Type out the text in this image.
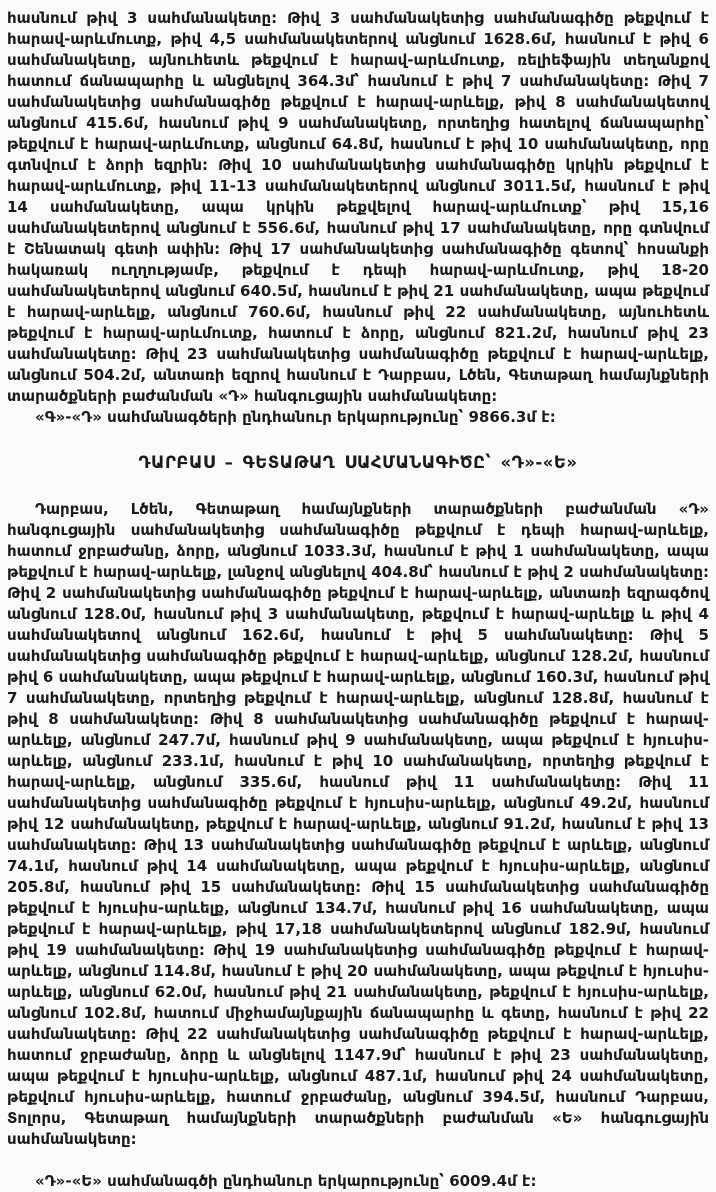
հասնում թիվ 3 սահմանակետը: Թիվ 3 սահմանակետից սահմանագիծը թեքվում է հարավ-արևմուտք, թիվ 4,5 սահմանակետերով անցնում 1628.6մ, հասնում է թիվ 6 սահմանակետը, այնուհետև թեքվում է հարավ-արևմուտք, ռելիեֆային տեղանքով հատում ճանապարհը և անցնելով 364.3մ՝ հասնում է թիվ 7 սահմանակետը: Թիվ 7 սահմանակետից սահմանագիծը թեքվում է հարավ-արևելք, թիվ 8 սահմանակետով անցնում 415.6մ, հասնում թիվ 9 սահմանակետը, որտեղից հատելով ճանապարհը՝ թեքվում է հարավ-արևմուտք, անցնում 64.8մ, հասնում է թիվ 10 սահմանակետը, որը գտնվում է ձորի եզրին: Թիվ 10 սահմանակետից սահմանագիծը կրկին թեքվում է հարավ-արևմուտք, թիվ 11-13 սահմանակետերով անցնում 3011.5մ, հասնում է թիվ 14 սահմանակետը, ապա կրկին թեքվելով հարավ-արևմուտք՝ թիվ 15,16 սահմանակետերով անցնում է 556.6մ, հասնում թիվ 17 սահմանակետը, որը գտնվում է Շենատակ գետի ափին: Թիվ 17 սահմանակետից սահմանագիծը գետով՝ հոսանքի հակառակ ուղղությամբ, թեքվում է դեպի հարավ-արևմուտք, թիվ 18-20 սահմանակետերով անցնում 640.5մ, հասնում է թիվ 21 սահմանակետը, ապա թեքվում է հարավ-արևելք, անցնում 760.6մ, հասնում թիվ 22 սահմանակետը, այնուհետև թեքվում է հարավ-արևմուտք, հատում է ձորը, անցնում 821.2մ, հասնում թիվ 23 սահմանակետը: Թիվ 23 սահմանակետից սահմանագիծը թեքվում է հարավ-արևելք, անցնում 504.2մ, անտառի եզրով հասնում է Դարբաս, Լծեն, Գետաթաղ համայնքների տարածքների բաժանման «Դ» հանգուցային սահմանակետը:

«Գ»-«Դ» սահմանագծերի ընդհանուր երկարությունը՝ 9866.3մ է:

ԴԱՐԲԱՍ – ԳԵՏԱԹԱՂ ՍԱՀՄԱՆԱԳԻԾԸ՝ «Դ»-«Ե»

Դարբաս, Լծեն, Գետաթաղ համայնքների տարածքների բաժանման «Դ» հանգուցային սահմանակետից սահմանագիծը թեքվում է դեպի հարավ-արևելք, հատում ջրբաժանը, ձորը, անցնում 1033.3մ, հասնում է թիվ 1 սահմանակետը, ապա թեքվում է հարավ-արևելք, լանջով անցնելով 404.8մ՝ հասնում է թիվ 2 սահմանակետը: Թիվ 2 սահմանակետից սահմանագիծը թեքվում է հարավ-արևելք, անտառի եզրագծով անցնում 128.0մ, հասնում թիվ 3 սահմանակետը, թեքվում է հարավ-արևելք և թիվ 4 սահմանակետով անցնում 162.6մ, հասնում է թիվ 5 սահմանակետը: Թիվ 5 սահմանակետից սահմանագիծը թեքվում է հարավ-արևելք, անցնում 128.2մ, հասնում թիվ 6 սահմանակետը, ապա թեքվում է հարավ-արևելք, անցնում 160.3մ, հասնում թիվ 7 սահմանակետը, որտեղից թեքվում է հարավ-արևելք, անցնում 128.8մ, հասնում է թիվ 8 սահմանակետը: Թիվ 8 սահմանակետից սահմանագիծը թեքվում է հարավ-արևելք, անցնում 247.7մ, հասնում թիվ 9 սահմանակետը, ապա թեքվում է հյուսիս-արևելք, անցնում 233.1մ, հասնում է թիվ 10 սահմանակետը, որտեղից թեքվում է հարավ-արևելք, անցնում 335.6մ, հասնում թիվ 11 սահմանակետը: Թիվ 11 սահմանակետից սահմանագիծը թեքվում է հյուսիս-արևելք, անցնում 49.2մ, հասնում թիվ 12 սահմանակետը, թեքվում է հարավ-արևելք, անցնում 91.2մ, հասնում է թիվ 13 սահմանակետը: Թիվ 13 սահմանակետից սահմանագիծը թեքվում է արևելք, անցնում 74.1մ, հասնում թիվ 14 սահմանակետը, ապա թեքվում է հյուսիս-արևելք, անցնում 205.8մ, հասնում թիվ 15 սահմանակետը: Թիվ 15 սահմանակետից սահմանագիծը թեքվում է հյուսիս-արևելք, անցնում 134.7մ, հասնում թիվ 16 սահմանակետը, ապա թեքվում է հարավ-արևելք, թիվ 17,18 սահմանակետերով անցնում 182.9մ, հասնում թիվ 19 սահմանակետը: Թիվ 19 սահմանակետից սահմանագիծը թեքվում է հարավ-արևելք, անցնում 114.8մ, հասնում է թիվ 20 սահմանակետը, ապա թեքվում է հյուսիս-արևելք, անցնում 62.0մ, հասնում թիվ 21 սահմանակետը, թեքվում է հյուսիս-արևելք, անցնում 102.8մ, հատում միջհամայնքային ճանապարհը և գետը, հասնում է թիվ 22 սահմանակետը: Թիվ 22 սահմանակետից սահմանագիծը թեքվում է հարավ-արևելք, հատում ջրբաժանը, ձորը և անցնելով 1147.9մ՝ հասնում է թիվ 23 սահմանակետը, ապա թեքվում է հյուսիս-արևելք, անցնում 487.1մ, հասնում թիվ 24 սահմանակետը, թեքվում հյուսիս-արևելք, հատում ջրբաժանը, անցնում 394.5մ, հասնում Դարբաս, Տոլորս, Գետաթաղ համայնքների տարածքների բաժանման «Ե» հանգուցային սահմանակետը:

«Դ»-«Ե» սահմանագծի ընդհանուր երկարությունը՝ 6009.4մ է:
